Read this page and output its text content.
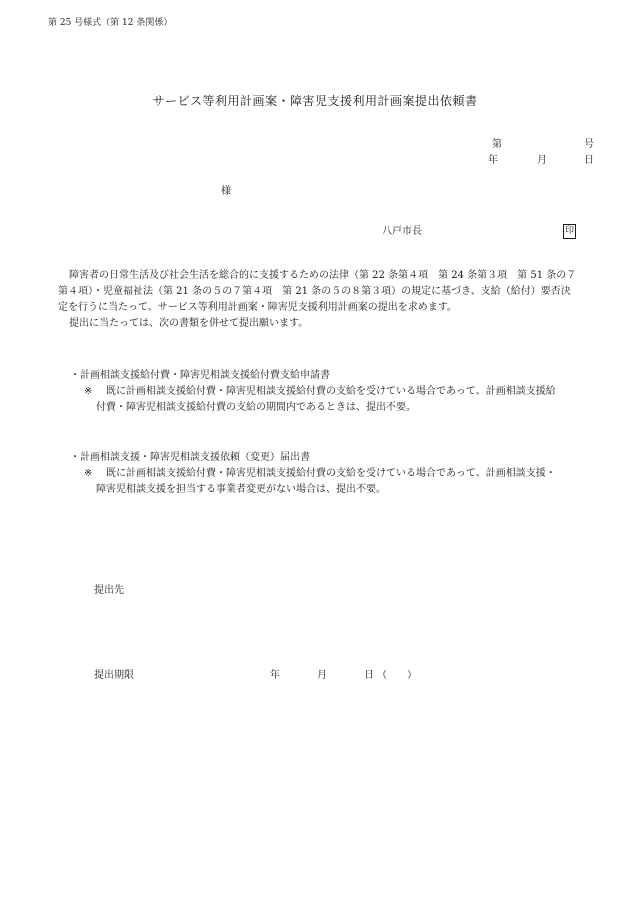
第 25 号様式（第 12 条関係）
サービス等利用計画案・障害児支援利用計画案提出依頼書
第	号
年	月	日
様
八戸市長	印

障害者の日常生活及び社会生活を総合的に支援するための法律（第 22 条第４項　第 24 条第３項　第 51 条の７

第４項）・児童福祉法（第 21 条の５の７第４項　第 21 条の５の８第３項）の規定に基づき、支給（給付）要否決

定を行うに当たって、サービス等利用計画案・障害児支援利用計画案の提出を求めます。

提出に当たっては、次の書類を併せて提出願います。

・計画相談支援給付費・障害児相談支援給付費支給申請書
※ 既に計画相談支援給付費・障害児相談支援給付費の支給を受けている場合であって、計画相談支援給
付費・障害児相談支援給付費の支給の期間内であるときは、提出不要。
・計画相談支援・障害児相談支援依頼（変更）届出書
※ 既に計画相談支援給付費・障害児相談支援給付費の支給を受けている場合であって、計画相談支援・
障害児相談支援を担当する事業者変更がない場合は、提出不要。
提出先
提出期限	年	月	日 （　　）
